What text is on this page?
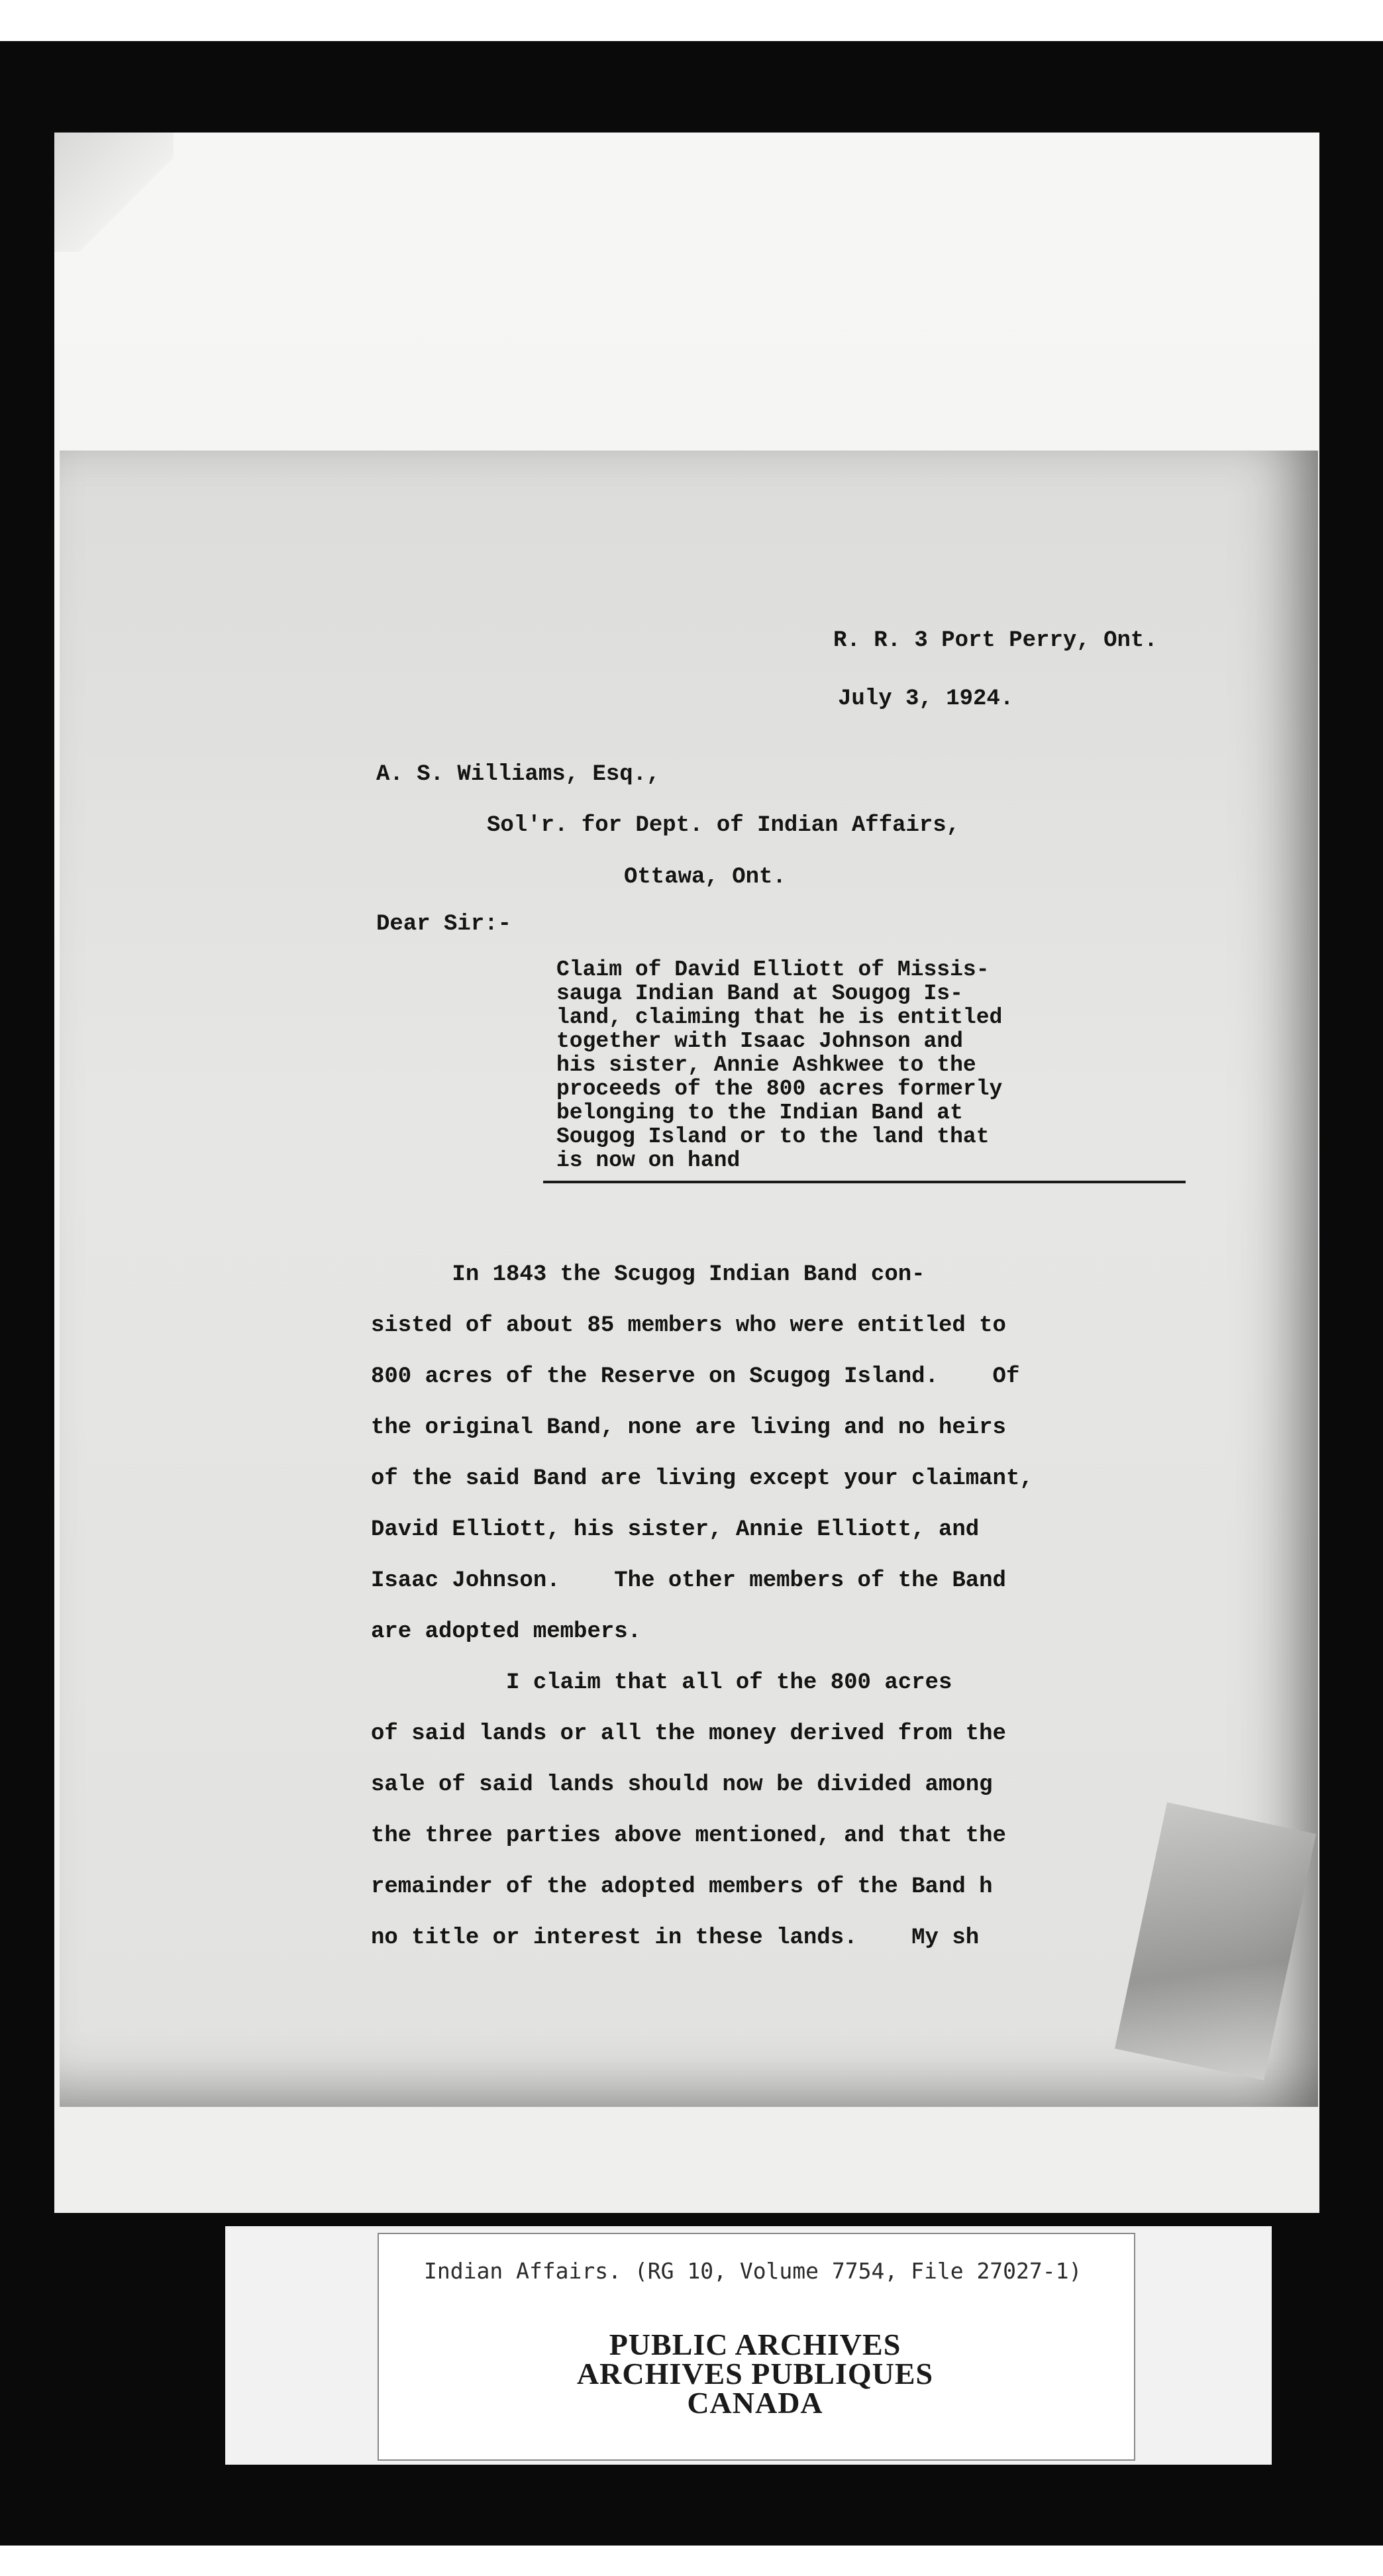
R. R. 3 Port Perry, Ont.
July 3, 1924.
A. S. Williams, Esq.,
Sol'r. for Dept. of Indian Affairs,
Ottawa, Ont.
Dear Sir:-
Claim of David Elliott of Missis-
sauga Indian Band at Sougog Is-
land, claiming that he is entitled
together with Isaac Johnson and
his sister, Annie Ashkwee to the
proceeds of the 800 acres formerly
belonging to the Indian Band at
Sougog Island or to the land that
is now on hand
In 1843 the Scugog Indian Band con-
sisted of about 85 members who were entitled to
800 acres of the Reserve on Scugog Island.    Of
the original Band, none are living and no heirs
of the said Band are living except your claimant,
David Elliott, his sister, Annie Elliott, and
Isaac Johnson.    The other members of the Band
are adopted members.
I claim that all of the 800 acres
of said lands or all the money derived from the
sale of said lands should now be divided among
the three parties above mentioned, and that the
remainder of the adopted members of the Band h
no title or interest in these lands.    My sh
Indian Affairs. (RG 10, Volume 7754, File 27027-1)
PUBLIC ARCHIVES
ARCHIVES PUBLIQUES
CANADA
